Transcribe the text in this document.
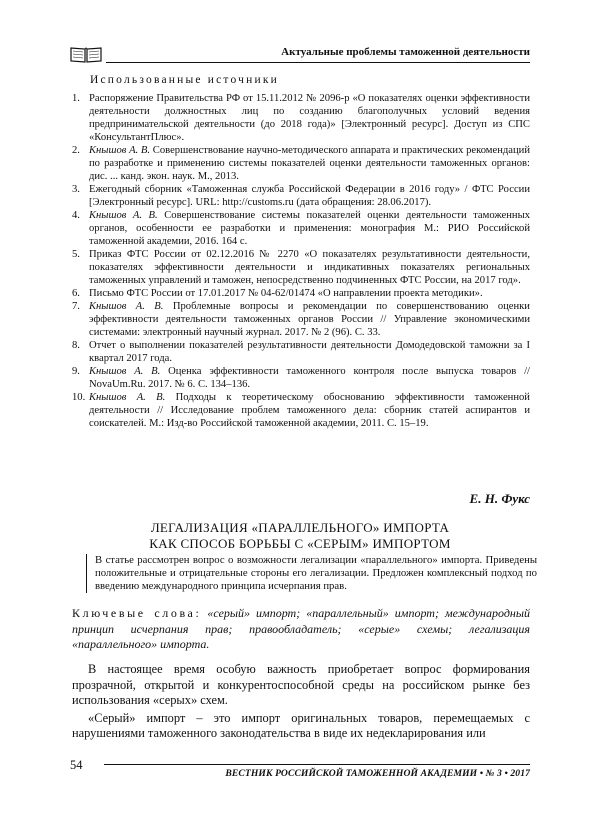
Актуальные проблемы таможенной деятельности
Использованные источники
1. Распоряжение Правительства РФ от 15.11.2012 № 2096-р «О показателях оценки эффективности деятельности должностных лиц по созданию благополучных условий ведения предпринимательской деятельности (до 2018 года)» [Электронный ресурс]. Доступ из СПС «КонсультантПлюс».
2. Кнышов А. В. Совершенствование научно-методического аппарата и практических рекомендаций по разработке и применению системы показателей оценки деятельности таможенных органов: дис. ... канд. экон. наук. М., 2013.
3. Ежегодный сборник «Таможенная служба Российской Федерации в 2016 году» / ФТС России [Электронный ресурс]. URL: http://customs.ru (дата обращения: 28.06.2017).
4. Кнышов А. В. Совершенствование системы показателей оценки деятельности таможенных органов, особенности ее разработки и применения: монография М.: РИО Российской таможенной академии, 2016. 164 с.
5. Приказ ФТС России от 02.12.2016 № 2270 «О показателях результативности деятельности, показателях эффективности деятельности и индикативных показателях региональных таможенных управлений и таможен, непосредственно подчиненных ФТС России, на 2017 год».
6. Письмо ФТС России от 17.01.2017 № 04-62/01474 «О направлении проекта методики».
7. Кнышов А. В. Проблемные вопросы и рекомендации по совершенствованию оценки эффективности деятельности таможенных органов России // Управление экономическими системами: электронный научный журнал. 2017. № 2 (96). С. 33.
8. Отчет о выполнении показателей результативности деятельности Домодедовской таможни за I квартал 2017 года.
9. Кнышов А. В. Оценка эффективности таможенного контроля после выпуска товаров // NovaUm.Ru. 2017. № 6. С. 134–136.
10. Кнышов А. В. Подходы к теоретическому обоснованию эффективности таможенной деятельности // Исследование проблем таможенного дела: сборник статей аспирантов и соискателей. М.: Изд-во Российской таможенной академии, 2011. С. 15–19.
Е. Н. Фукс
ЛЕГАЛИЗАЦИЯ «ПАРАЛЛЕЛЬНОГО» ИМПОРТА
КАК СПОСОБ БОРЬБЫ С «СЕРЫМ» ИМПОРТОМ
В статье рассмотрен вопрос о возможности легализации «параллельного» импорта. Приведены положительные и отрицательные стороны его легализации. Предложен комплексный подход по введению международного принципа исчерпания прав.
Ключевые слова: «серый» импорт; «параллельный» импорт; международный принцип исчерпания прав; правообладатель; «серые» схемы; легализация «параллельного» импорта.

В настоящее время особую важность приобретает вопрос формирования прозрачной, открытой и конкурентоспособной среды на российском рынке без использования «серых» схем.

«Серый» импорт – это импорт оригинальных товаров, перемещаемых с нарушениями таможенного законодательства в виде их недекларирования или

54
ВЕСТНИК РОССИЙСКОЙ ТАМОЖЕННОЙ АКАДЕМИИ • № 3 • 2017
